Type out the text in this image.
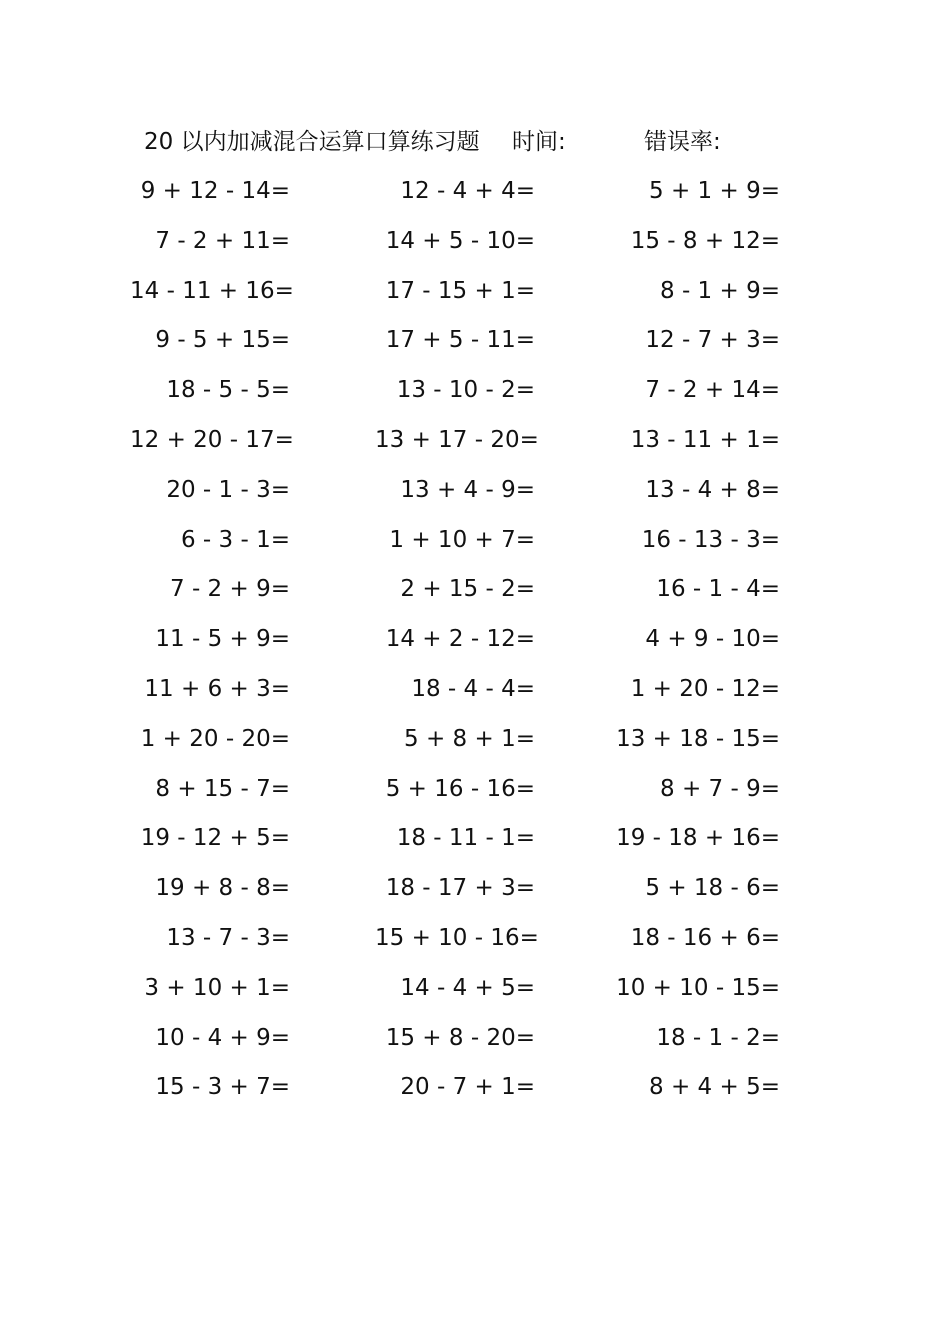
20 以内加减混合运算口算练习题 时间:	错误率:
9 + 12 - 14=	12 - 4 + 4=	5 + 1 + 9=
7 - 2 + 11=	14 + 5 - 10=	15 - 8 + 12=
14 - 11 + 16=	17 - 15 + 1=	8 - 1 + 9=
9 - 5 + 15=	17 + 5 - 11=	12 - 7 + 3=
18 - 5 - 5=	13 - 10 - 2=	7 - 2 + 14=
12 + 20 - 17=	13 + 17 - 20=	13 - 11 + 1=
20 - 1 - 3=	13 + 4 - 9=	13 - 4 + 8=
6 - 3 - 1=	1 + 10 + 7=	16 - 13 - 3=
7 - 2 + 9=	2 + 15 - 2=	16 - 1 - 4=
11 - 5 + 9=	14 + 2 - 12=	4 + 9 - 10=
11 + 6 + 3=	18 - 4 - 4=	1 + 20 - 12=
1 + 20 - 20=	5 + 8 + 1=	13 + 18 - 15=
8 + 15 - 7=	5 + 16 - 16=	8 + 7 - 9=
19 - 12 + 5=	18 - 11 - 1=	19 - 18 + 16=
19 + 8 - 8=	18 - 17 + 3=	5 + 18 - 6=
13 - 7 - 3=	15 + 10 - 16=	18 - 16 + 6=
3 + 10 + 1=	14 - 4 + 5=	10 + 10 - 15=
10 - 4 + 9=	15 + 8 - 20=	18 - 1 - 2=
15 - 3 + 7=	20 - 7 + 1=	8 + 4 + 5=
